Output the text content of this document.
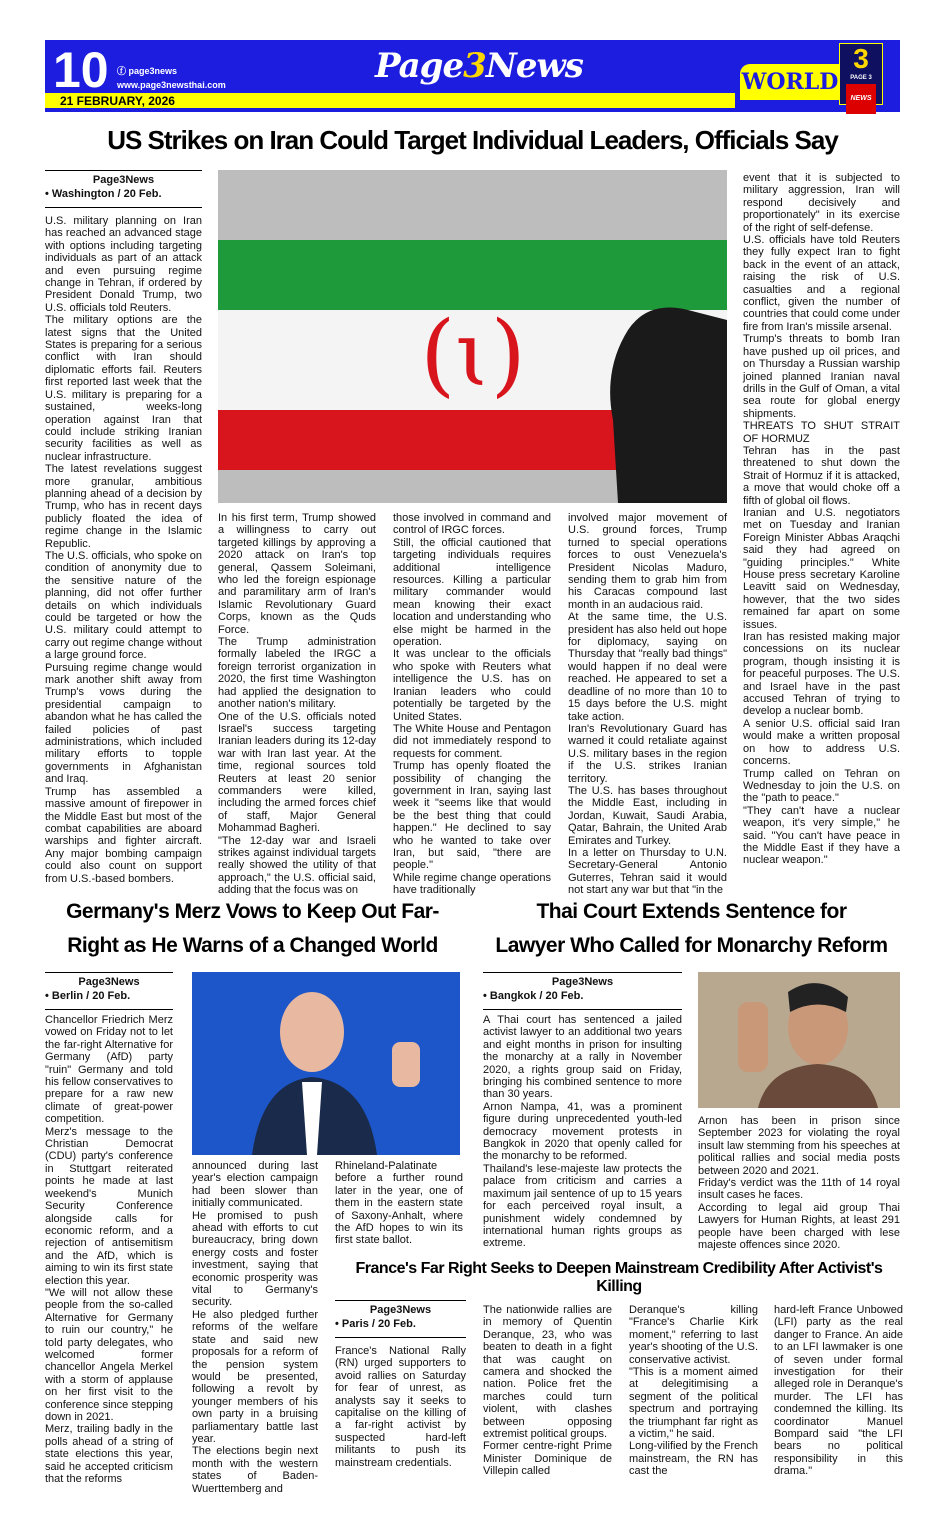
10 ⓕ page3news
www.page3newsthai.com
21 FEBRUARY, 2026
Page3News	WORLD
3
PAGE 3
NEWS
US Strikes on Iran Could Target Individual Leaders, Officials Say
Page3News
• Washington / 20 Feb.

U.S. military planning on Iran has reached an advanced stage with options including targeting individuals as part of an attack and even pursuing regime change in Tehran, if ordered by President Donald Trump, two U.S. officials told Reuters.

The military options are the latest signs that the United States is preparing for a serious conflict with Iran should diplomatic efforts fail. Reuters first reported last week that the U.S. military is preparing for a sustained, weeks-long operation against Iran that could include striking Iranian security facilities as well as nuclear infrastructure.

The latest revelations suggest more granular, ambitious planning ahead of a decision by Trump, who has in recent days publicly floated the idea of regime change in the Islamic Republic.

The U.S. officials, who spoke on condition of anonymity due to the sensitive nature of the planning, did not offer further details on which individuals could be targeted or how the U.S. military could attempt to carry out regime change without a large ground force.

Pursuing regime change would mark another shift away from Trump's vows during the presidential campaign to abandon what he has called the failed policies of past administrations, which included military efforts to topple governments in Afghanistan and Iraq.

Trump has assembled a massive amount of firepower in the Middle East but most of the combat capabilities are aboard warships and fighter aircraft. Any major bombing campaign could also count on support from U.S.-based bombers.

(ɩ)

In his first term, Trump showed a willingness to carry out targeted killings by approving a 2020 attack on Iran's top general, Qassem Soleimani, who led the foreign espionage and paramilitary arm of Iran's Islamic Revolutionary Guard Corps, known as the Quds Force.

The Trump administration formally labeled the IRGC a foreign terrorist organization in 2020, the first time Washington had applied the designation to another nation's military.

One of the U.S. officials noted Israel's success targeting Iranian leaders during its 12-day war with Iran last year. At the time, regional sources told Reuters at least 20 senior commanders were killed, including the armed forces chief of staff, Major General Mohammad Bagheri.

"The 12-day war and Israeli strikes against individual targets really showed the utility of that approach," the U.S. official said, adding that the focus was on

those involved in command and control of IRGC forces.

Still, the official cautioned that targeting individuals requires additional intelligence resources. Killing a particular military commander would mean knowing their exact location and understanding who else might be harmed in the operation.

It was unclear to the officials who spoke with Reuters what intelligence the U.S. has on Iranian leaders who could potentially be targeted by the United States.

The White House and Pentagon did not immediately respond to requests for comment.

Trump has openly floated the possibility of changing the government in Iran, saying last week it "seems like that would be the best thing that could happen." He declined to say who he wanted to take over Iran, but said, "there are people."

While regime change operations have traditionally

involved major movement of U.S. ground forces, Trump turned to special operations forces to oust Venezuela's President Nicolas Maduro, sending them to grab him from his Caracas compound last month in an audacious raid.

At the same time, the U.S. president has also held out hope for diplomacy, saying on Thursday that "really bad things" would happen if no deal were reached. He appeared to set a deadline of no more than 10 to 15 days before the U.S. might take action.

Iran's Revolutionary Guard has warned it could retaliate against U.S. military bases in the region if the U.S. strikes Iranian territory.

The U.S. has bases throughout the Middle East, including in Jordan, Kuwait, Saudi Arabia, Qatar, Bahrain, the United Arab Emirates and Turkey.

In a letter on Thursday to U.N. Secretary-General Antonio Guterres, Tehran said it would not start any war but that "in the

event that it is subjected to military aggression, Iran will respond decisively and proportionately" in its exercise of the right of self-defense.

U.S. officials have told Reuters they fully expect Iran to fight back in the event of an attack, raising the risk of U.S. casualties and a regional conflict, given the number of countries that could come under fire from Iran's missile arsenal.

Trump's threats to bomb Iran have pushed up oil prices, and on Thursday a Russian warship joined planned Iranian naval drills in the Gulf of Oman, a vital sea route for global energy shipments.

THREATS TO SHUT STRAIT OF HORMUZ

Tehran has in the past threatened to shut down the Strait of Hormuz if it is attacked, a move that would choke off a fifth of global oil flows.

Iranian and U.S. negotiators met on Tuesday and Iranian Foreign Minister Abbas Araqchi said they had agreed on "guiding principles." White House press secretary Karoline Leavitt said on Wednesday, however, that the two sides remained far apart on some issues.

Iran has resisted making major concessions on its nuclear program, though insisting it is for peaceful purposes. The U.S. and Israel have in the past accused Tehran of trying to develop a nuclear bomb.

A senior U.S. official said Iran would make a written proposal on how to address U.S. concerns.

Trump called on Tehran on Wednesday to join the U.S. on the "path to peace."

"They can't have a nuclear weapon, it's very simple," he said. "You can't have peace in the Middle East if they have a nuclear weapon."

Germany's Merz Vows to Keep Out Far-
Right as He Warns of a Changed World
Page3News
• Berlin / 20 Feb.

Chancellor Friedrich Merz vowed on Friday not to let the far-right Alternative for Germany (AfD) party "ruin" Germany and told his fellow conservatives to prepare for a raw new climate of great-power competition.

Merz's message to the Christian Democrat (CDU) party's conference in Stuttgart reiterated points he made at last weekend's Munich Security Conference alongside calls for economic reform, and a rejection of antisemitism and the AfD, which is aiming to win its first state election this year.

"We will not allow these people from the so-called Alternative for Germany to ruin our country," he told party delegates, who welcomed former chancellor Angela Merkel with a storm of applause on her first visit to the conference since stepping down in 2021.

Merz, trailing badly in the polls ahead of a string of state elections this year, said he accepted criticism that the reforms

announced during last year's election campaign had been slower than initially communicated.

He promised to push ahead with efforts to cut bureaucracy, bring down energy costs and foster investment, saying that economic prosperity was vital to Germany's security.

He also pledged further reforms of the welfare state and said new proposals for a reform of the pension system would be presented, following a revolt by younger members of his own party in a bruising parliamentary battle last year.

The elections begin next month with the western states of Baden-Wuerttemberg and

Rhineland-Palatinate before a further round later in the year, one of them in the eastern state of Saxony-Anhalt, where the AfD hopes to win its first state ballot.

Thai Court Extends Sentence for
Lawyer Who Called for Monarchy Reform
Page3News
• Bangkok / 20 Feb.

A Thai court has sentenced a jailed activist lawyer to an additional two years and eight months in prison for insulting the monarchy at a rally in November 2020, a rights group said on Friday, bringing his combined sentence to more than 30 years.

Arnon Nampa, 41, was a prominent figure during unprecedented youth-led democracy movement protests in Bangkok in 2020 that openly called for the monarchy to be reformed.

Thailand's lese-majeste law protects the palace from criticism and carries a maximum jail sentence of up to 15 years for each perceived royal insult, a punishment widely condemned by international human rights groups as extreme.

Arnon has been in prison since September 2023 for violating the royal insult law stemming from his speeches at political rallies and social media posts between 2020 and 2021.

Friday's verdict was the 11th of 14 royal insult cases he faces.

According to legal aid group Thai Lawyers for Human Rights, at least 291 people have been charged with lese majeste offences since 2020.

France's Far Right Seeks to Deepen Mainstream Credibility After Activist's Killing
Page3News
• Paris / 20 Feb.

France's National Rally (RN) urged supporters to avoid rallies on Saturday for fear of unrest, as analysts say it seeks to capitalise on the killing of a far-right activist by suspected hard-left militants to push its mainstream credentials.

The nationwide rallies are in memory of Quentin Deranque, 23, who was beaten to death in a fight that was caught on camera and shocked the nation. Police fret the marches could turn violent, with clashes between opposing extremist political groups.

Former centre-right Prime Minister Dominique de Villepin called

Deranque's killing "France's Charlie Kirk moment," referring to last year's shooting of the U.S. conservative activist.

"This is a moment aimed at delegitimising a segment of the political spectrum and portraying the triumphant far right as a victim," he said.

Long-vilified by the French mainstream, the RN has cast the

hard-left France Unbowed (LFI) party as the real danger to France. An aide to an LFI lawmaker is one of seven under formal investigation for their alleged role in Deranque's murder. The LFI has condemned the killing. Its coordinator Manuel Bompard said "the LFI bears no political responsibility in this drama."
